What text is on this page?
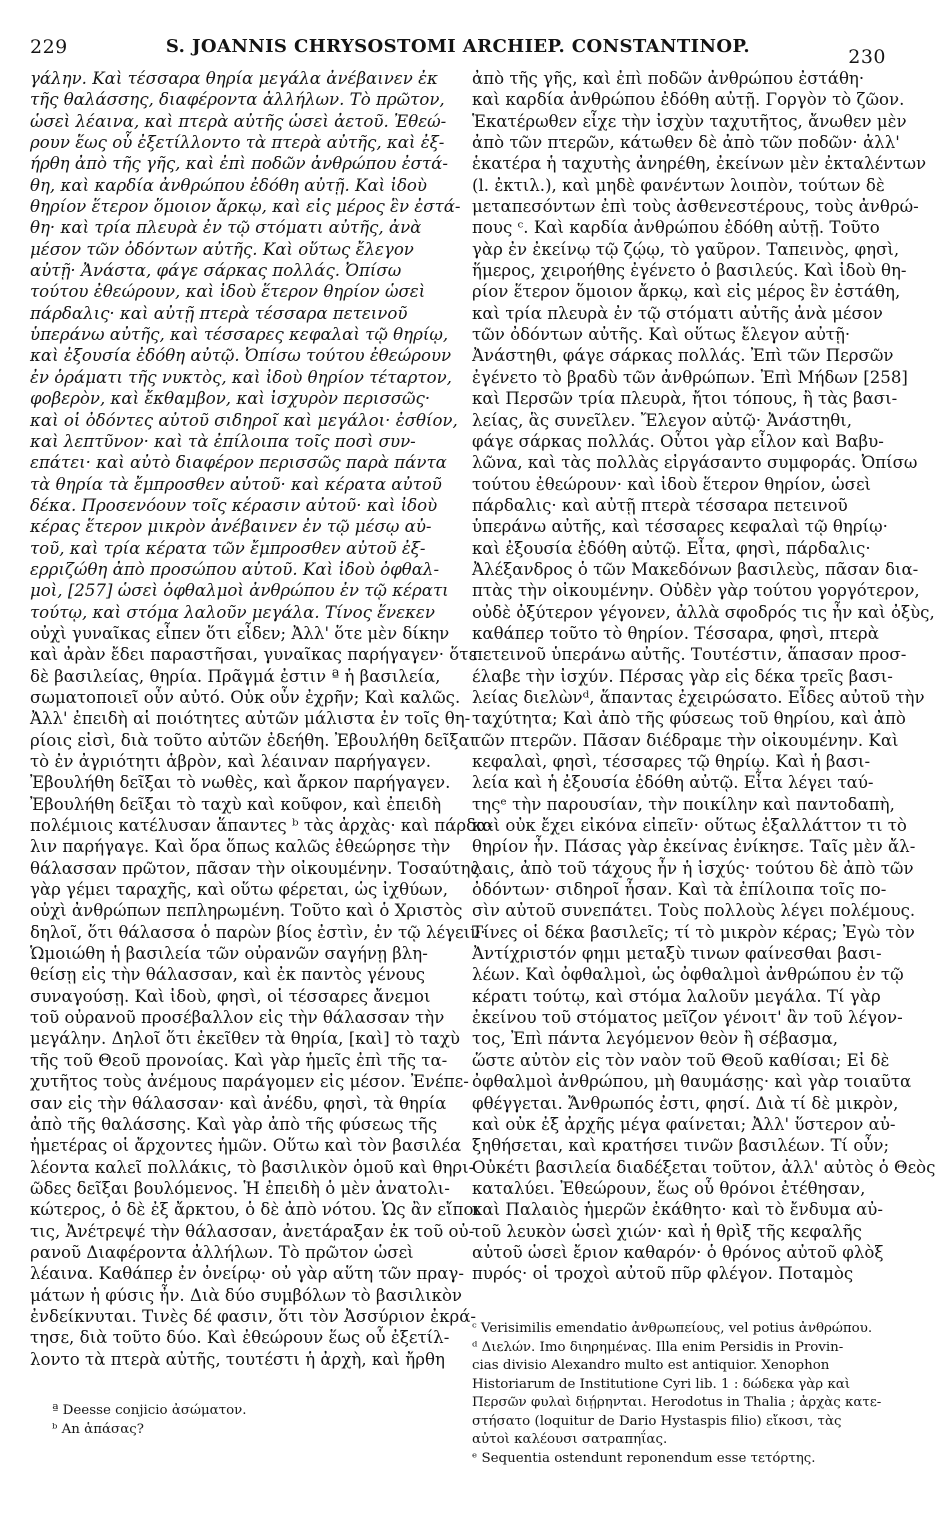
229	S. JOANNIS CHRYSOSTOMI ARCHIEP. CONSTANTINOP.	230
γάλην. Καὶ τέσσαρα θηρία μεγάλα ἀνέβαινεν ἐκ
τῆς θαλάσσης, διαφέροντα ἀλλήλων. Τὸ πρῶτον,
ὡσεὶ λέαινα, καὶ πτερὰ αὐτῆς ὡσεὶ ἀετοῦ. Ἐθεώ-
ρουν ἕως οὗ ἐξετίλλοντο τὰ πτερὰ αὐτῆς, καὶ ἐξ-
ήρθη ἀπὸ τῆς γῆς, καὶ ἐπὶ ποδῶν ἀνθρώπου ἐστά-
θη, καὶ καρδία ἀνθρώπου ἐδόθη αὐτῇ. Καὶ ἰδοὺ
θηρίον ἕτερον ὅμοιον ἄρκῳ, καὶ εἰς μέρος ἓν ἐστά-
θη· καὶ τρία πλευρὰ ἐν τῷ στόματι αὐτῆς, ἀνὰ
μέσον τῶν ὀδόντων αὐτῆς. Καὶ οὕτως ἔλεγον
αὐτῇ· Ἀνάστα, φάγε σάρκας πολλάς. Ὀπίσω
τούτου ἐθεώρουν, καὶ ἰδοὺ ἕτερον θηρίον ὡσεὶ
πάρδαλις· καὶ αὐτῇ πτερὰ τέσσαρα πετεινοῦ
ὑπεράνω αὐτῆς, καὶ τέσσαρες κεφαλαὶ τῷ θηρίῳ,
καὶ ἐξουσία ἐδόθη αὐτῷ. Ὀπίσω τούτου ἐθεώρουν
ἐν ὁράματι τῆς νυκτὸς, καὶ ἰδοὺ θηρίον τέταρτον,
φοβερὸν, καὶ ἔκθαμβον, καὶ ἰσχυρὸν περισσῶς·
καὶ οἱ ὀδόντες αὐτοῦ σιδηροῖ καὶ μεγάλοι· ἐσθίον,
καὶ λεπτῦνον· καὶ τὰ ἐπίλοιπα τοῖς ποσὶ συν-
επάτει· καὶ αὐτὸ διαφέρον περισσῶς παρὰ πάντα
τὰ θηρία τὰ ἔμπροσθεν αὐτοῦ· καὶ κέρατα αὐτοῦ
δέκα. Προσενόουν τοῖς κέρασιν αὐτοῦ· καὶ ἰδοὺ
κέρας ἕτερον μικρὸν ἀνέβαινεν ἐν τῷ μέσῳ αὐ-
τοῦ, καὶ τρία κέρατα τῶν ἔμπροσθεν αὐτοῦ ἐξ-
ερριζώθη ἀπὸ προσώπου αὐτοῦ. Καὶ ἰδοὺ ὀφθαλ-
μοὶ, [257] ὡσεὶ ὀφθαλμοὶ ἀνθρώπου ἐν τῷ κέρατι
τούτῳ, καὶ στόμα λαλοῦν μεγάλα. Τίνος ἕνεκεν
οὐχὶ γυναῖκας εἶπεν ὅτι εἶδεν; Ἀλλ' ὅτε μὲν δίκην
καὶ ἀρὰν ἔδει παραστῆσαι, γυναῖκας παρήγαγεν· ὅτε
δὲ βασιλείας, θηρία. Πρᾶγμά ἐστιν ª ἡ βασιλεία,
σωματοποιεῖ οὖν αὐτό. Οὐκ οὖν ἐχρῆν; Καὶ καλῶς.
Ἀλλ' ἐπειδὴ αἱ ποιότητες αὐτῶν μάλιστα ἐν τοῖς θη-
ρίοις εἰσὶ, διὰ τοῦτο αὐτῶν ἐδεήθη. Ἐβουλήθη δεῖξαι
τὸ ἐν ἀγριότητι ἁβρὸν, καὶ λέαιναν παρήγαγεν.
Ἐβουλήθη δεῖξαι τὸ νωθὲς, καὶ ἄρκον παρήγαγεν.
Ἐβουλήθη δεῖξαι τὸ ταχὺ καὶ κοῦφον, καὶ ἐπειδὴ
πολέμιοις κατέλυσαν ἅπαντες ᵇ τὰς ἀρχὰς· καὶ πάρδα-
λιν παρήγαγε. Καὶ ὅρα ὅπως καλῶς ἐθεώρησε τὴν
θάλασσαν πρῶτον, πᾶσαν τὴν οἰκουμένην. Τοσαύτης
γὰρ γέμει ταραχῆς, καὶ οὕτω φέρεται, ὡς ἰχθύων,
οὐχὶ ἀνθρώπων πεπληρωμένη. Τοῦτο καὶ ὁ Χριστὸς
δηλοῖ, ὅτι θάλασσα ὁ παρὼν βίος ἐστὶν, ἐν τῷ λέγειν·
Ὡμοιώθη ἡ βασιλεία τῶν οὐρανῶν σαγήνῃ βλη-
θείσῃ εἰς τὴν θάλασσαν, καὶ ἐκ παντὸς γένους
συναγούσῃ. Καὶ ἰδοὺ, φησὶ, οἱ τέσσαρες ἄνεμοι
τοῦ οὐρανοῦ προσέβαλλον εἰς τὴν θάλασσαν τὴν
μεγάλην. Δηλοῖ ὅτι ἐκεῖθεν τὰ θηρία, [καὶ] τὸ ταχὺ
τῆς τοῦ Θεοῦ προνοίας. Καὶ γὰρ ἡμεῖς ἐπὶ τῆς τα-
χυτῆτος τοὺς ἀνέμους παράγομεν εἰς μέσον. Ἐνέπε-
σαν εἰς τὴν θάλασσαν· καὶ ἀνέδυ, φησὶ, τὰ θηρία
ἀπὸ τῆς θαλάσσης. Καὶ γὰρ ἀπὸ τῆς φύσεως τῆς
ἡμετέρας οἱ ἄρχοντες ἡμῶν. Οὕτω καὶ τὸν βασιλέα
λέοντα καλεῖ πολλάκις, τὸ βασιλικὸν ὁμοῦ καὶ θηρι-
ῶδες δεῖξαι βουλόμενος. Ἡ ἐπειδὴ ὁ μὲν ἀνατολι-
κώτερος, ὁ δὲ ἐξ ἄρκτου, ὁ δὲ ἀπὸ νότου. Ὡς ἂν εἴποι
τις, Ἀνέτρεψέ τὴν θάλασσαν, ἀνετάραξαν ἐκ τοῦ οὐ-
ρανοῦ Διαφέροντα ἀλλήλων. Τὸ πρῶτον ὡσεὶ
λέαινα. Καθάπερ ἐν ὀνείρῳ· οὐ γὰρ αὕτη τῶν πραγ-
μάτων ἡ φύσις ἦν. Διὰ δύο συμβόλων τὸ βασιλικὸν
ἐνδείκνυται. Τινὲς δέ φασιν, ὅτι τὸν Ἀσσύριον ἐκρά-
τησε, διὰ τοῦτο δύο. Καὶ ἐθεώρουν ἕως οὗ ἐξετίλ-
λοντο τὰ πτερὰ αὐτῆς, τουτέστι ἡ ἀρχὴ, καὶ ἤρθη
ἀπὸ τῆς γῆς, καὶ ἐπὶ ποδῶν ἀνθρώπου ἐστάθη·
καὶ καρδία ἀνθρώπου ἐδόθη αὐτῇ. Γοργὸν τὸ ζῶον.
Ἑκατέρωθεν εἶχε τὴν ἰσχὺν ταχυτῆτος, ἄνωθεν μὲν
ἀπὸ τῶν πτερῶν, κάτωθεν δὲ ἀπὸ τῶν ποδῶν· ἀλλ'
ἑκατέρα ἡ ταχυτὴς ἀνηρέθη, ἐκείνων μὲν ἐκταλέντων
(l. ἐκτιλ.), καὶ μηδὲ φανέντων λοιπὸν, τούτων δὲ
μεταπεσόντων ἐπὶ τοὺς ἀσθενεστέρους, τοὺς ἀνθρώ-
πους ᶜ. Καὶ καρδία ἀνθρώπου ἐδόθη αὐτῇ. Τοῦτο
γὰρ ἐν ἐκείνῳ τῷ ζῴῳ, τὸ γαῦρον. Ταπεινὸς, φησὶ,
ἥμερος, χειροήθης ἐγένετο ὁ βασιλεύς. Καὶ ἰδοὺ θη-
ρίον ἕτερον ὅμοιον ἄρκῳ, καὶ εἰς μέρος ἓν ἐστάθη,
καὶ τρία πλευρὰ ἐν τῷ στόματι αὐτῆς ἀνὰ μέσον
τῶν ὀδόντων αὐτῆς. Καὶ οὕτως ἔλεγον αὐτῇ·
Ἀνάστηθι, φάγε σάρκας πολλάς. Ἐπὶ τῶν Περσῶν
ἐγένετο τὸ βραδὺ τῶν ἀνθρώπων. Ἐπὶ Μήδων [258]
καὶ Περσῶν τρία πλευρὰ, ἤτοι τόπους, ἢ τὰς βασι-
λείας, ἃς συνεῖλεν. Ἔλεγον αὐτῷ· Ἀνάστηθι,
φάγε σάρκας πολλάς. Οὗτοι γὰρ εἶλον καὶ Βαβυ-
λῶνα, καὶ τὰς πολλὰς εἰργάσαντο συμφοράς. Ὀπίσω
τούτου ἐθεώρουν· καὶ ἰδοὺ ἕτερον θηρίον, ὡσεὶ
πάρδαλις· καὶ αὐτῇ πτερὰ τέσσαρα πετεινοῦ
ὑπεράνω αὐτῆς, καὶ τέσσαρες κεφαλαὶ τῷ θηρίῳ·
καὶ ἐξουσία ἐδόθη αὐτῷ. Εἶτα, φησὶ, πάρδαλις·
Ἀλέξανδρος ὁ τῶν Μακεδόνων βασιλεὺς, πᾶσαν δια-
πτὰς τὴν οἰκουμένην. Οὐδὲν γὰρ τούτου γοργότερον,
οὐδὲ ὀξύτερον γέγονεν, ἀλλὰ σφοδρός τις ἦν καὶ ὀξὺς,
καθάπερ τοῦτο τὸ θηρίον. Τέσσαρα, φησὶ, πτερὰ
πετεινοῦ ὑπεράνω αὐτῆς. Τουτέστιν, ἅπασαν προσ-
έλαβε τὴν ἰσχύν. Πέρσας γὰρ εἰς δέκα τρεῖς βασι-
λείας διελὼνᵈ, ἅπαντας ἐχειρώσατο. Εἶδες αὐτοῦ τὴν
ταχύτητα; Καὶ ἀπὸ τῆς φύσεως τοῦ θηρίου, καὶ ἀπὸ
τῶν πτερῶν. Πᾶσαν διέδραμε τὴν οἰκουμένην. Καὶ
κεφαλαὶ, φησὶ, τέσσαρες τῷ θηρίῳ. Καὶ ἡ βασι-
λεία καὶ ἡ ἐξουσία ἐδόθη αὐτῷ. Εἶτα λέγει ταύ-
τηςᵉ τὴν παρουσίαν, τὴν ποικίλην καὶ παντοδαπὴ,
καὶ οὐκ ἔχει εἰκόνα εἰπεῖν· οὕτως ἐξαλλάττον τι τὸ
θηρίον ἦν. Πάσας γὰρ ἐκείνας ἐνίκησε. Ταῖς μὲν ἄλ-
λαις, ἀπὸ τοῦ τάχους ἦν ἡ ἰσχύς· τούτου δὲ ἀπὸ τῶν
ὀδόντων· σιδηροῖ ἦσαν. Καὶ τὰ ἐπίλοιπα τοῖς πο-
σὶν αὐτοῦ συνεπάτει. Τοὺς πολλοὺς λέγει πολέμους.
Τίνες οἱ δέκα βασιλεῖς; τί τὸ μικρὸν κέρας; Ἐγὼ τὸν
Ἀντίχριστόν φημι μεταξὺ τινων φαίνεσθαι βασι-
λέων. Καὶ ὀφθαλμοὶ, ὡς ὀφθαλμοὶ ἀνθρώπου ἐν τῷ
κέρατι τούτῳ, καὶ στόμα λαλοῦν μεγάλα. Τί γὰρ
ἐκείνου τοῦ στόματος μεῖζον γένοιτ' ἂν τοῦ λέγον-
τος, Ἐπὶ πάντα λεγόμενον θεὸν ἢ σέβασμα,
ὥστε αὐτὸν εἰς τὸν ναὸν τοῦ Θεοῦ καθίσαι; Εἰ δὲ
ὀφθαλμοὶ ἀνθρώπου, μὴ θαυμάσῃς· καὶ γὰρ τοιαῦτα
φθέγγεται. Ἄνθρωπός ἐστι, φησί. Διὰ τί δὲ μικρὸν,
καὶ οὐκ ἐξ ἀρχῆς μέγα φαίνεται; Ἀλλ' ὕστερον αὐ-
ξηθήσεται, καὶ κρατήσει τινῶν βασιλέων. Τί οὖν;
Οὐκέτι βασιλεία διαδέξεται τοῦτον, ἀλλ' αὐτὸς ὁ Θεὸς
καταλύει. Ἐθεώρουν, ἕως οὗ θρόνοι ἐτέθησαν,
καὶ Παλαιὸς ἡμερῶν ἐκάθητο· καὶ τὸ ἔνδυμα αὐ-
τοῦ λευκὸν ὡσεὶ χιών· καὶ ἡ θρὶξ τῆς κεφαλῆς
αὐτοῦ ὡσεὶ ἔριον καθαρόν· ὁ θρόνος αὐτοῦ φλὸξ
πυρός· οἱ τροχοὶ αὐτοῦ πῦρ φλέγον. Ποταμὸς

ª Deesse conjicio ἀσώματον.

ᵇ An ἁπάσας?

ᶜ Verisimilis emendatio ἀνθρωπείους, vel potius ἀνθρώπου.

ᵈ Διελών. Imo διηρημένας. Illa enim Persidis in Provin-

cias divisio Alexandro multo est antiquior. Xenophon

Historiarum de Institutione Cyri lib. 1 : δώδεκα γὰρ καὶ

Περσῶν φυλαὶ διῄρηνται. Herodotus in Thalia ; ἀρχὰς κατε-

στήσατο (loquitur de Dario Hystaspis filio) εἴκοσι, τὰς

αὐτοὶ καλέουσι σατραπηΐας.

ᵉ Sequentia ostendunt reponendum esse τετόρτης.
